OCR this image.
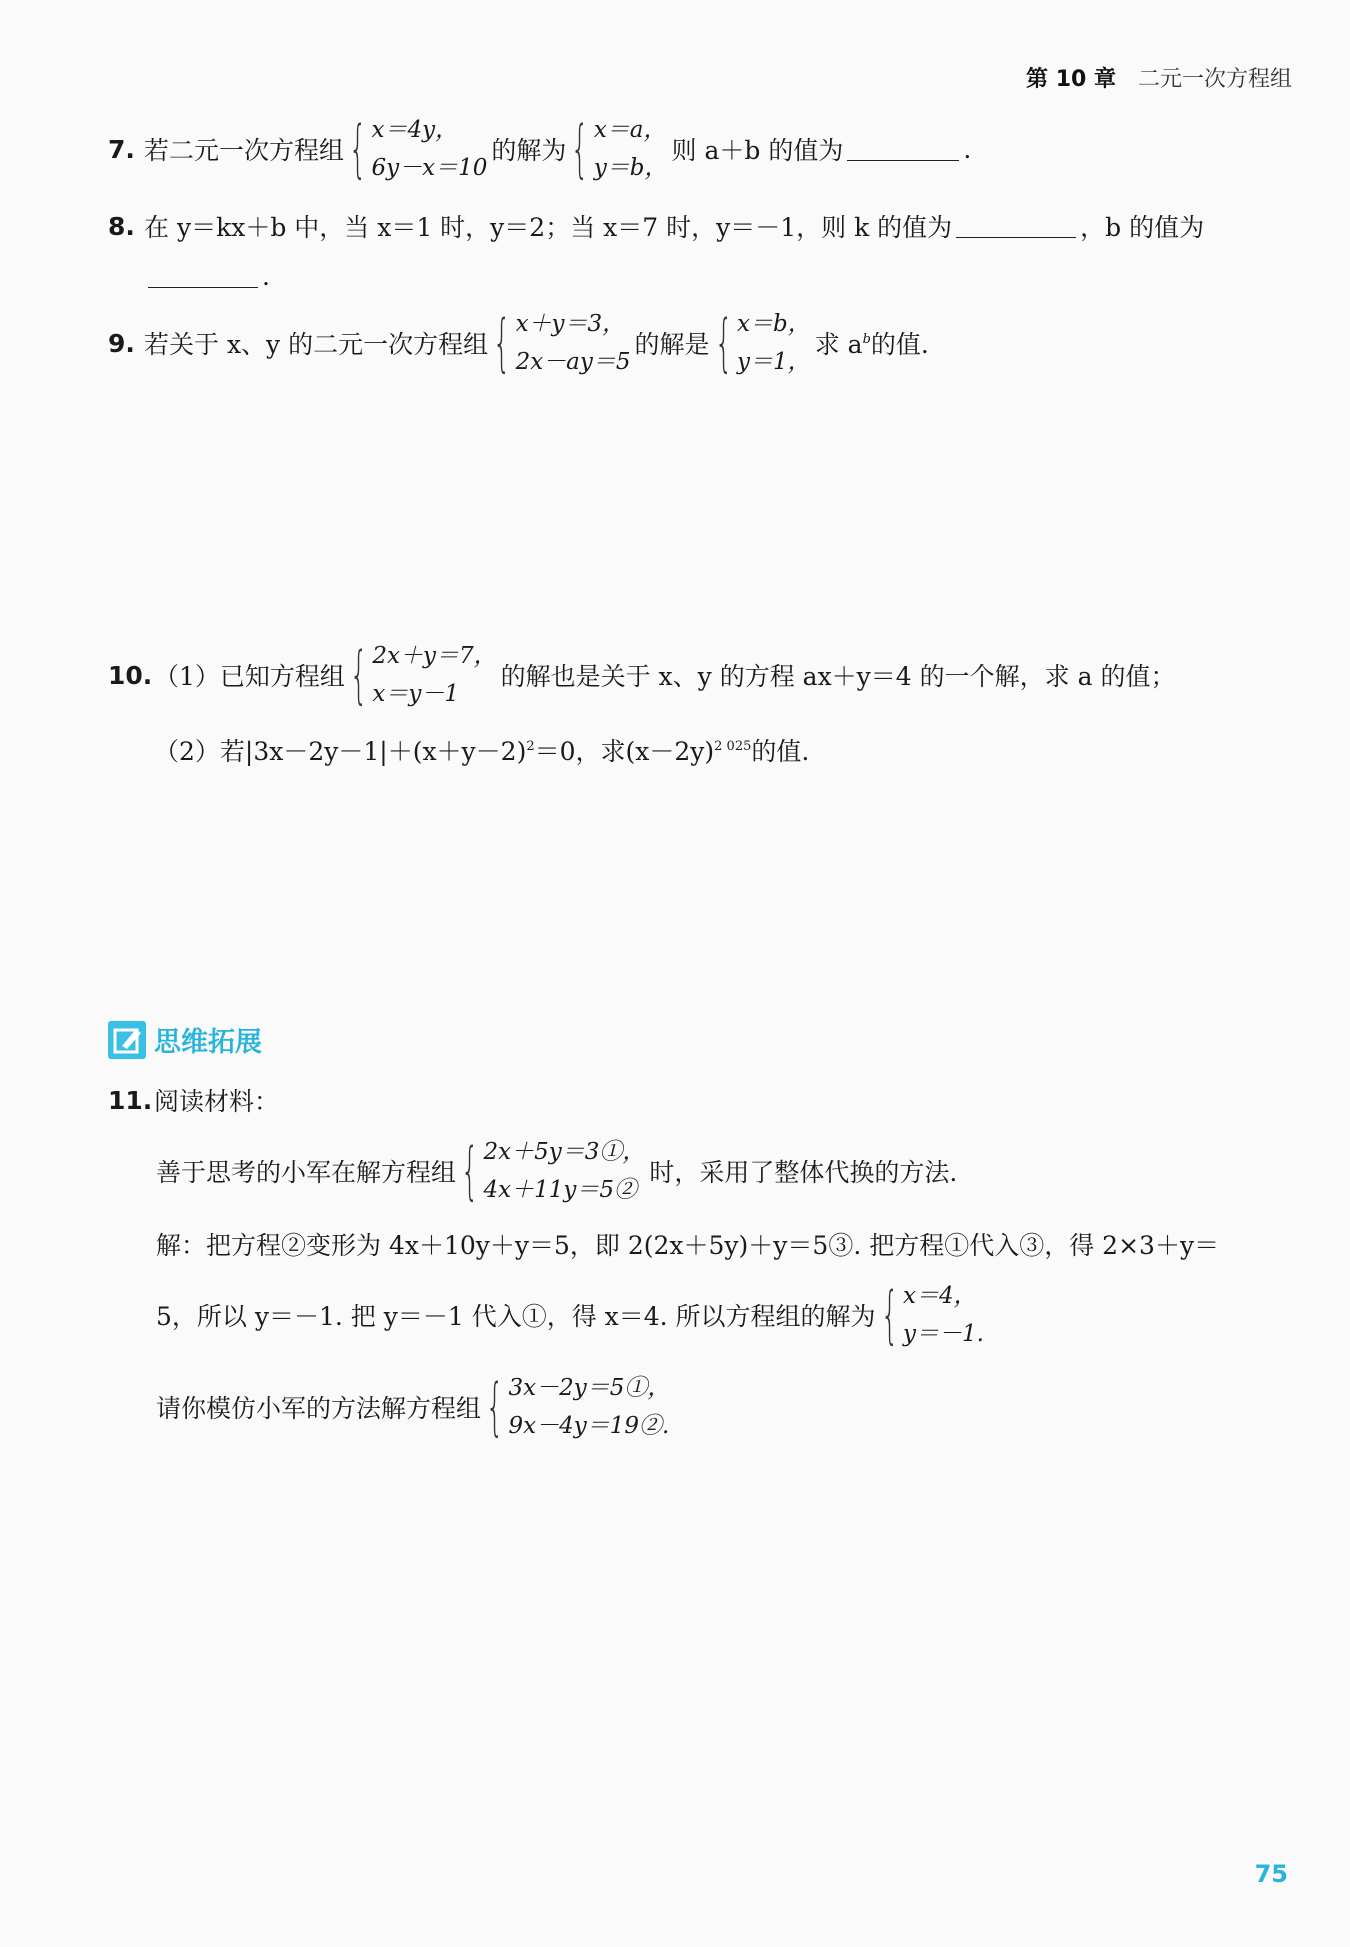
第 10 章 二元一次方程组
7. 若二元一次方程组 { x＝4y，
6y－x＝10
的解为 { x＝a，
y＝b，
则 a＋b 的值为	.
8. 在 y＝kx＋b 中，当 x＝1 时，y＝2；当 x＝7 时，y＝－1，则 k 的值为	，b 的值为
.
9. 若关于 x、y 的二元一次方程组 { x＋y＝3，
2x－ay＝5
的解是 { x＝b，
y＝1，
求 $a^b$ 的值.
10. （1）已知方程组 { 2x＋y＝7，
x＝y－1
的解也是关于 x、y 的方程 ax＋y＝4 的一个解，求 a 的值；
（2）若$|3x-2y-1|+(x+y-2)^2 =0$，求$(x-2y)^{2 025}$ 的值.
思维拓展
11. 阅读材料：
善于思考的小军在解方程组 { 2x＋5y＝3①，
4x＋11y＝5②
时，采用了整体代换的方法.
解：把方程②变形为 4x＋10y＋y＝5，即 2(2x＋5y)＋y＝5③. 把方程①代入③，得 2×3＋y＝
5，所以 y＝－1. 把 y＝－1 代入①，得 x＝4. 所以方程组的解为 { x＝4，
y＝－1.
请你模仿小军的方法解方程组 { 3x－2y＝5①，
9x－4y＝19②.
75
